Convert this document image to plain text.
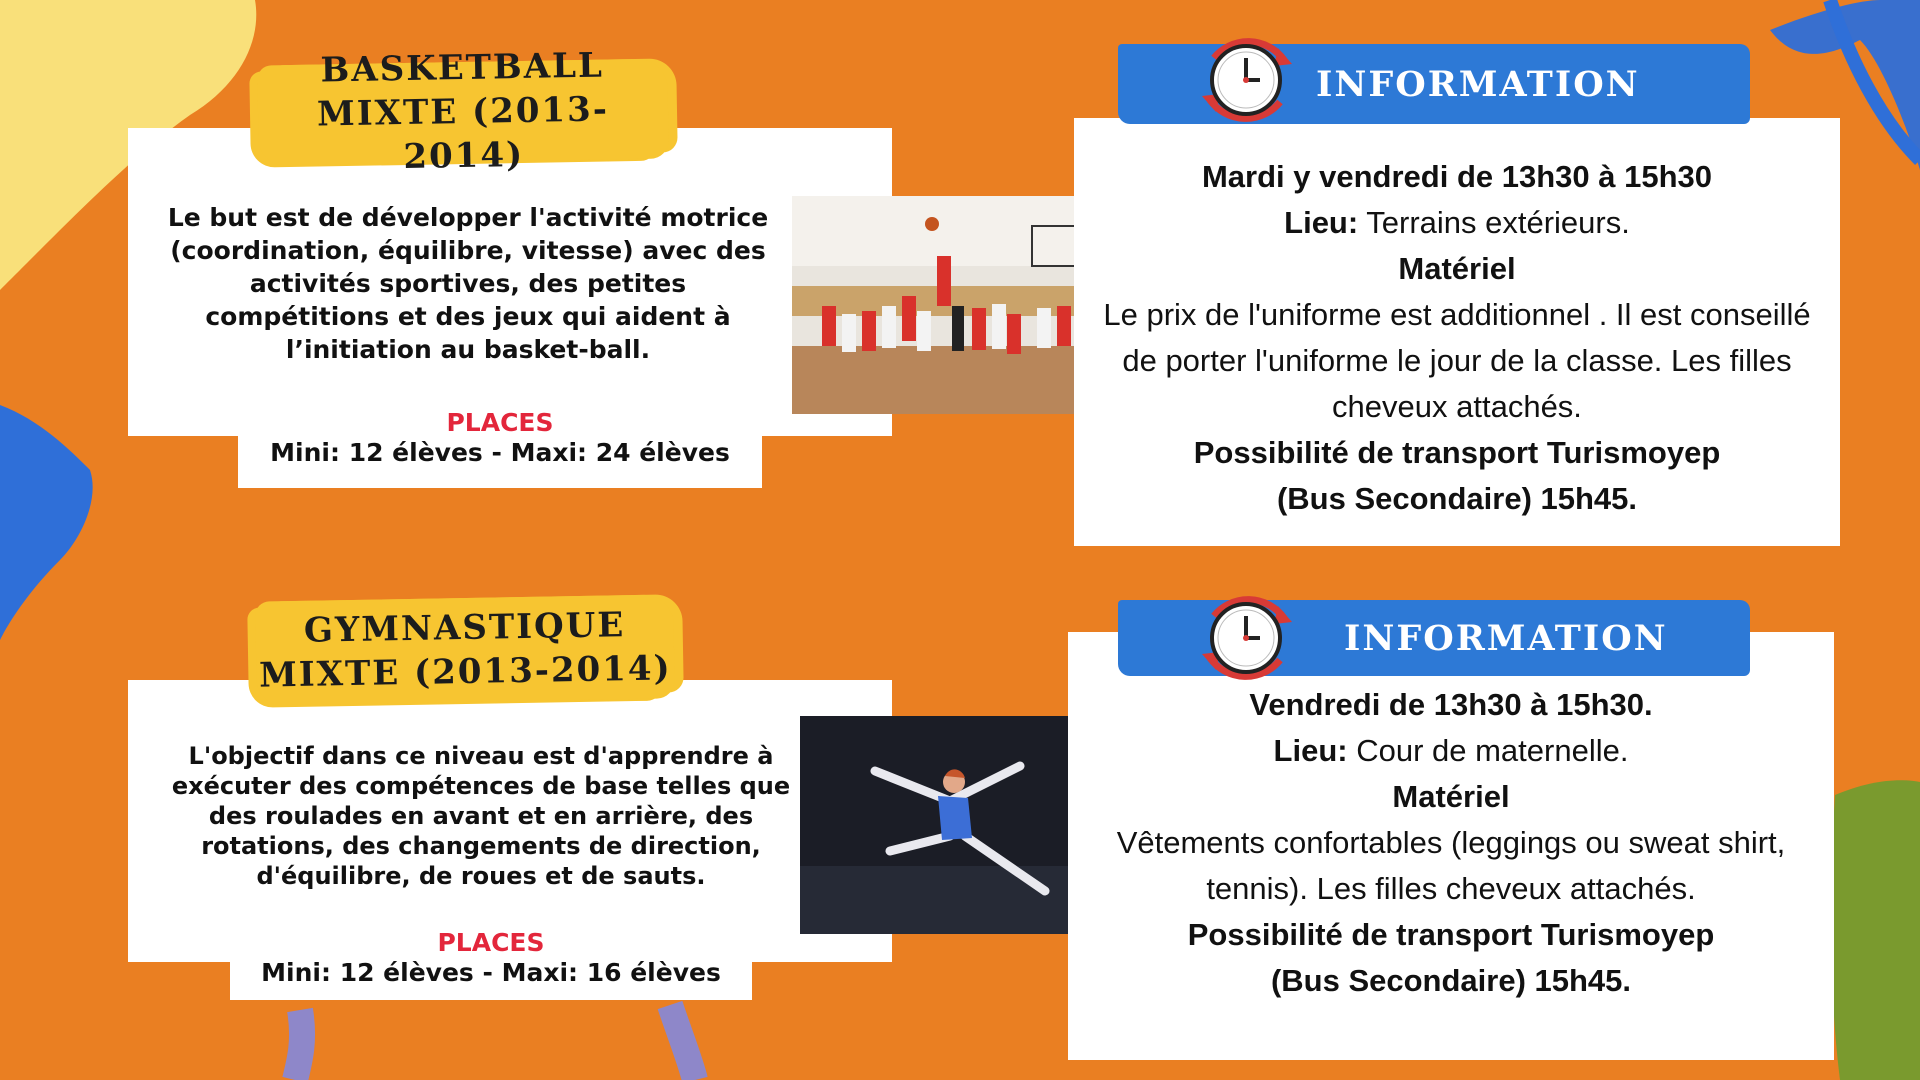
BASKETBALL
MIXTE (2013-2014)
Le but est de développer l'activité motrice (coordination, équilibre, vitesse) avec des activités sportives, des petites compétitions et des jeux qui aident à l’initiation au basket-ball.
PLACES
Mini: 12 élèves - Maxi: 24 élèves
Mardi y vendredi de 13h30 à 15h30
Lieu: Terrains extérieurs.
Matériel
Le prix de l'uniforme est additionnel . Il est conseillé de porter l'uniforme le jour de la classe. Les filles cheveux attachés.
Possibilité de transport Turismoyep
(Bus Secondaire) 15h45.
INFORMATION
GYMNASTIQUE
MIXTE (2013-2014)
L'objectif dans ce niveau est d'apprendre à exécuter des compétences de base telles que des roulades en avant et en arrière, des rotations, des changements de direction, d'équilibre, de roues et de sauts.
PLACES
Mini: 12 élèves - Maxi: 16 élèves
Vendredi de 13h30 à 15h30.
Lieu: Cour de maternelle.
Matériel
Vêtements confortables (leggings ou sweat shirt, tennis). Les filles cheveux attachés.
Possibilité de transport Turismoyep
(Bus Secondaire) 15h45.
INFORMATION
